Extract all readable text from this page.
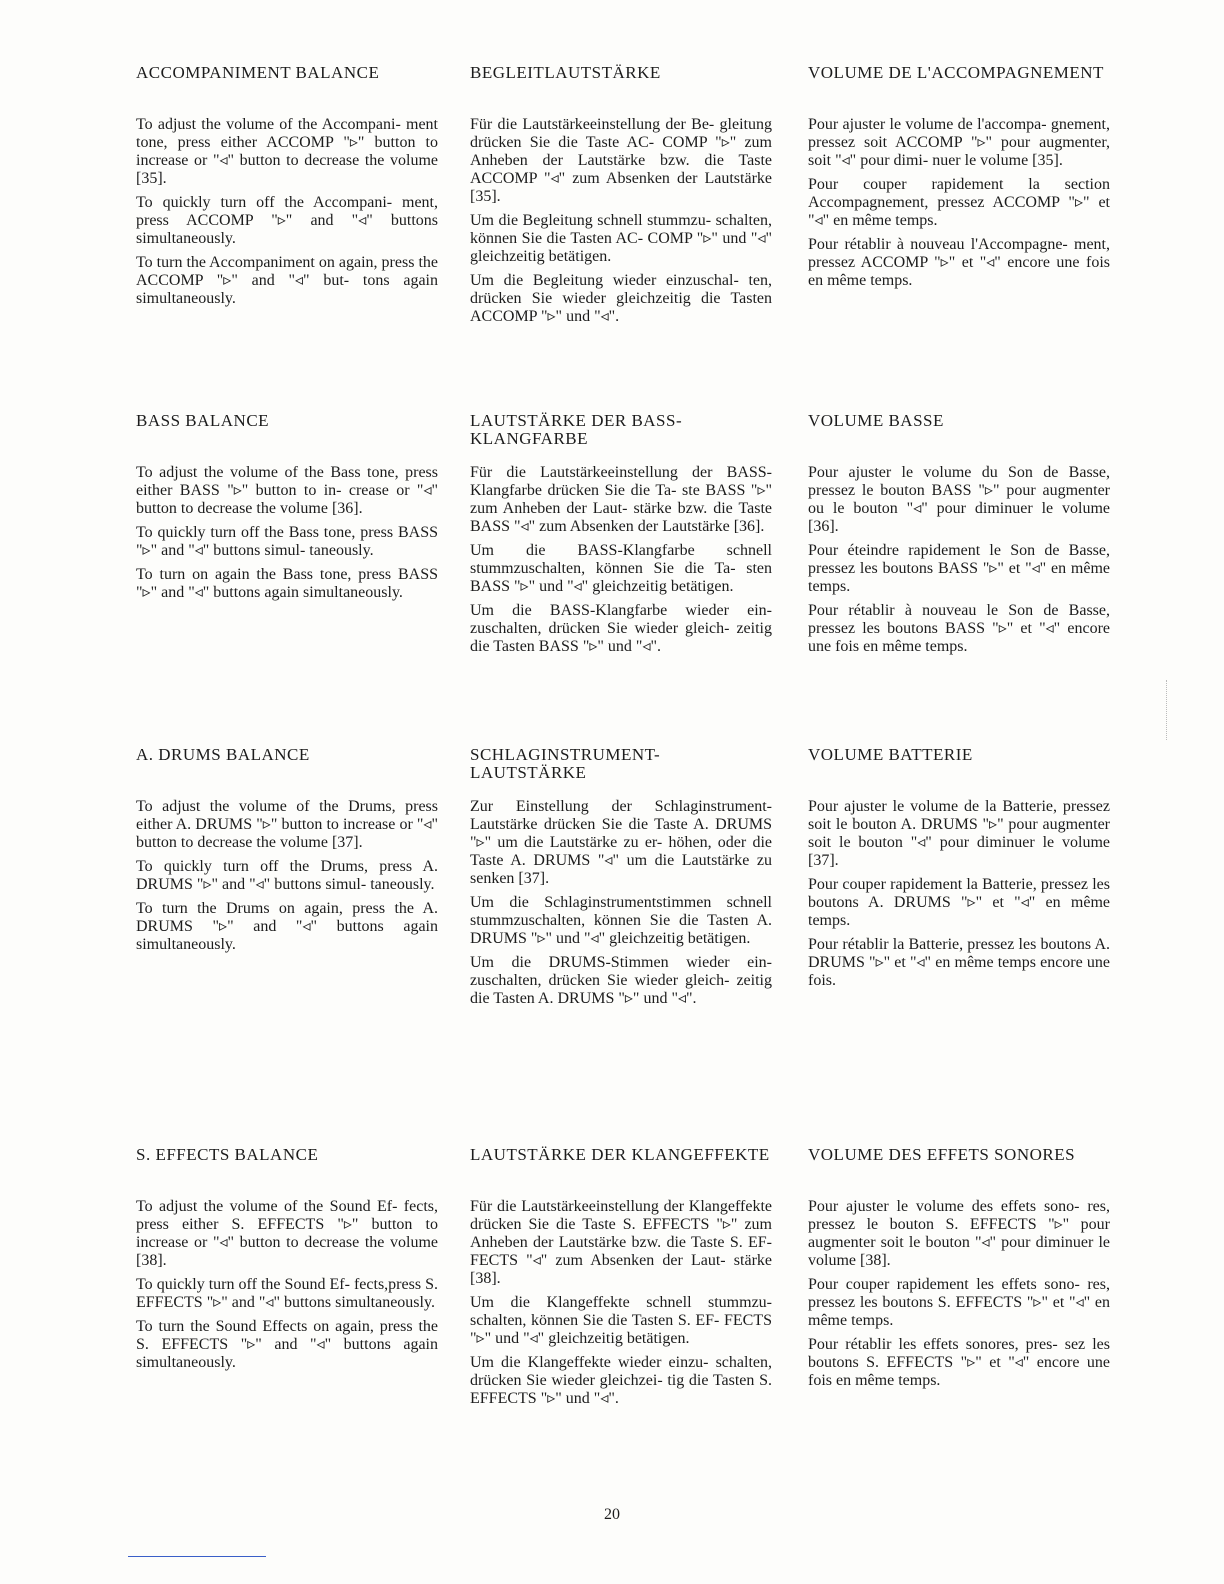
ACCOMPANIMENT BALANCE

To adjust the volume of the Accompani- ment tone, press either ACCOMP "▹" button to increase or "◃" button to decrease the volume [35].

To quickly turn off the Accompani- ment, press ACCOMP "▹" and "◃" buttons simultaneously.

To turn the Accompaniment on again, press the ACCOMP "▹" and "◃" but- tons again simultaneously.

BASS BALANCE

To adjust the volume of the Bass tone, press either BASS "▹" button to in- crease or "◃" button to decrease the volume [36].

To quickly turn off the Bass tone, press BASS "▹" and "◃" buttons simul- taneously.

To turn on again the Bass tone, press BASS "▹" and "◃" buttons again simultaneously.

A. DRUMS BALANCE

To adjust the volume of the Drums, press either A. DRUMS "▹" button to increase or "◃" button to decrease the volume [37].

To quickly turn off the Drums, press A. DRUMS "▹" and "◃" buttons simul- taneously.

To turn the Drums on again, press the A. DRUMS "▹" and "◃" buttons again simultaneously.

S. EFFECTS BALANCE

To adjust the volume of the Sound Ef- fects, press either S. EFFECTS "▹" button to increase or "◃" button to decrease the volume [38].

To quickly turn off the Sound Ef- fects,press S. EFFECTS "▹" and "◃" buttons simultaneously.

To turn the Sound Effects on again, press the S. EFFECTS "▹" and "◃" buttons again simultaneously.

BEGLEITLAUTSTÄRKE

Für die Lautstärkeeinstellung der Be- gleitung drücken Sie die Taste AC- COMP "▹" zum Anheben der Lautstärke bzw. die Taste ACCOMP "◃" zum Absenken der Lautstärke [35].

Um die Begleitung schnell stummzu- schalten, können Sie die Tasten AC- COMP "▹" und "◃" gleichzeitig betätigen.

Um die Begleitung wieder einzuschal- ten, drücken Sie wieder gleichzeitig die Tasten ACCOMP "▹" und "◃".

LAUTSTÄRKE DER BASS- KLANGFARBE

Für die Lautstärkeeinstellung der BASS-Klangfarbe drücken Sie die Ta- ste BASS "▹" zum Anheben der Laut- stärke bzw. die Taste BASS "◃" zum Absenken der Lautstärke [36].

Um die BASS-Klangfarbe schnell stummzuschalten, können Sie die Ta- sten BASS "▹" und "◃" gleichzeitig betätigen.

Um die BASS-Klangfarbe wieder ein- zuschalten, drücken Sie wieder gleich- zeitig die Tasten BASS "▹" und "◃".

SCHLAGINSTRUMENT- LAUTSTÄRKE

Zur Einstellung der Schlaginstrument- Lautstärke drücken Sie die Taste A. DRUMS "▹" um die Lautstärke zu er- höhen, oder die Taste A. DRUMS "◃" um die Lautstärke zu senken [37].

Um die Schlaginstrumentstimmen schnell stummzuschalten, können Sie die Tasten A. DRUMS "▹" und "◃" gleichzeitig betätigen.

Um die DRUMS-Stimmen wieder ein- zuschalten, drücken Sie wieder gleich- zeitig die Tasten A. DRUMS "▹" und "◃".

LAUTSTÄRKE DER KLANGEFFEKTE

Für die Lautstärkeeinstellung der Klangeffekte drücken Sie die Taste S. EFFECTS "▹" zum Anheben der Lautstärke bzw. die Taste S. EF- FECTS "◃" zum Absenken der Laut- stärke [38].

Um die Klangeffekte schnell stummzu- schalten, können Sie die Tasten S. EF- FECTS "▹" und "◃" gleichzeitig betätigen.

Um die Klangeffekte wieder einzu- schalten, drücken Sie wieder gleichzei- tig die Tasten S. EFFECTS "▹" und "◃".

VOLUME DE L'ACCOMPAGNEMENT

Pour ajuster le volume de l'accompa- gnement, pressez soit ACCOMP "▹" pour augmenter, soit "◃" pour dimi- nuer le volume [35].

Pour couper rapidement la section Accompagnement, pressez ACCOMP "▹" et "◃" en même temps.

Pour rétablir à nouveau l'Accompagne- ment, pressez ACCOMP "▹" et "◃" encore une fois en même temps.

VOLUME BASSE

Pour ajuster le volume du Son de Basse, pressez le bouton BASS "▹" pour augmenter ou le bouton "◃" pour diminuer le volume [36].

Pour éteindre rapidement le Son de Basse, pressez les boutons BASS "▹" et "◃" en même temps.

Pour rétablir à nouveau le Son de Basse, pressez les boutons BASS "▹" et "◃" encore une fois en même temps.

VOLUME BATTERIE

Pour ajuster le volume de la Batterie, pressez soit le bouton A. DRUMS "▹" pour augmenter soit le bouton "◃" pour diminuer le volume [37].

Pour couper rapidement la Batterie, pressez les boutons A. DRUMS "▹" et "◃" en même temps.

Pour rétablir la Batterie, pressez les boutons A. DRUMS "▹" et "◃" en même temps encore une fois.

VOLUME DES EFFETS SONORES

Pour ajuster le volume des effets sono- res, pressez le bouton S. EFFECTS "▹" pour augmenter soit le bouton "◃" pour diminuer le volume [38].

Pour couper rapidement les effets sono- res, pressez les boutons S. EFFECTS "▹" et "◃" en même temps.

Pour rétablir les effets sonores, pres- sez les boutons S. EFFECTS "▹" et "◃" encore une fois en même temps.

20
